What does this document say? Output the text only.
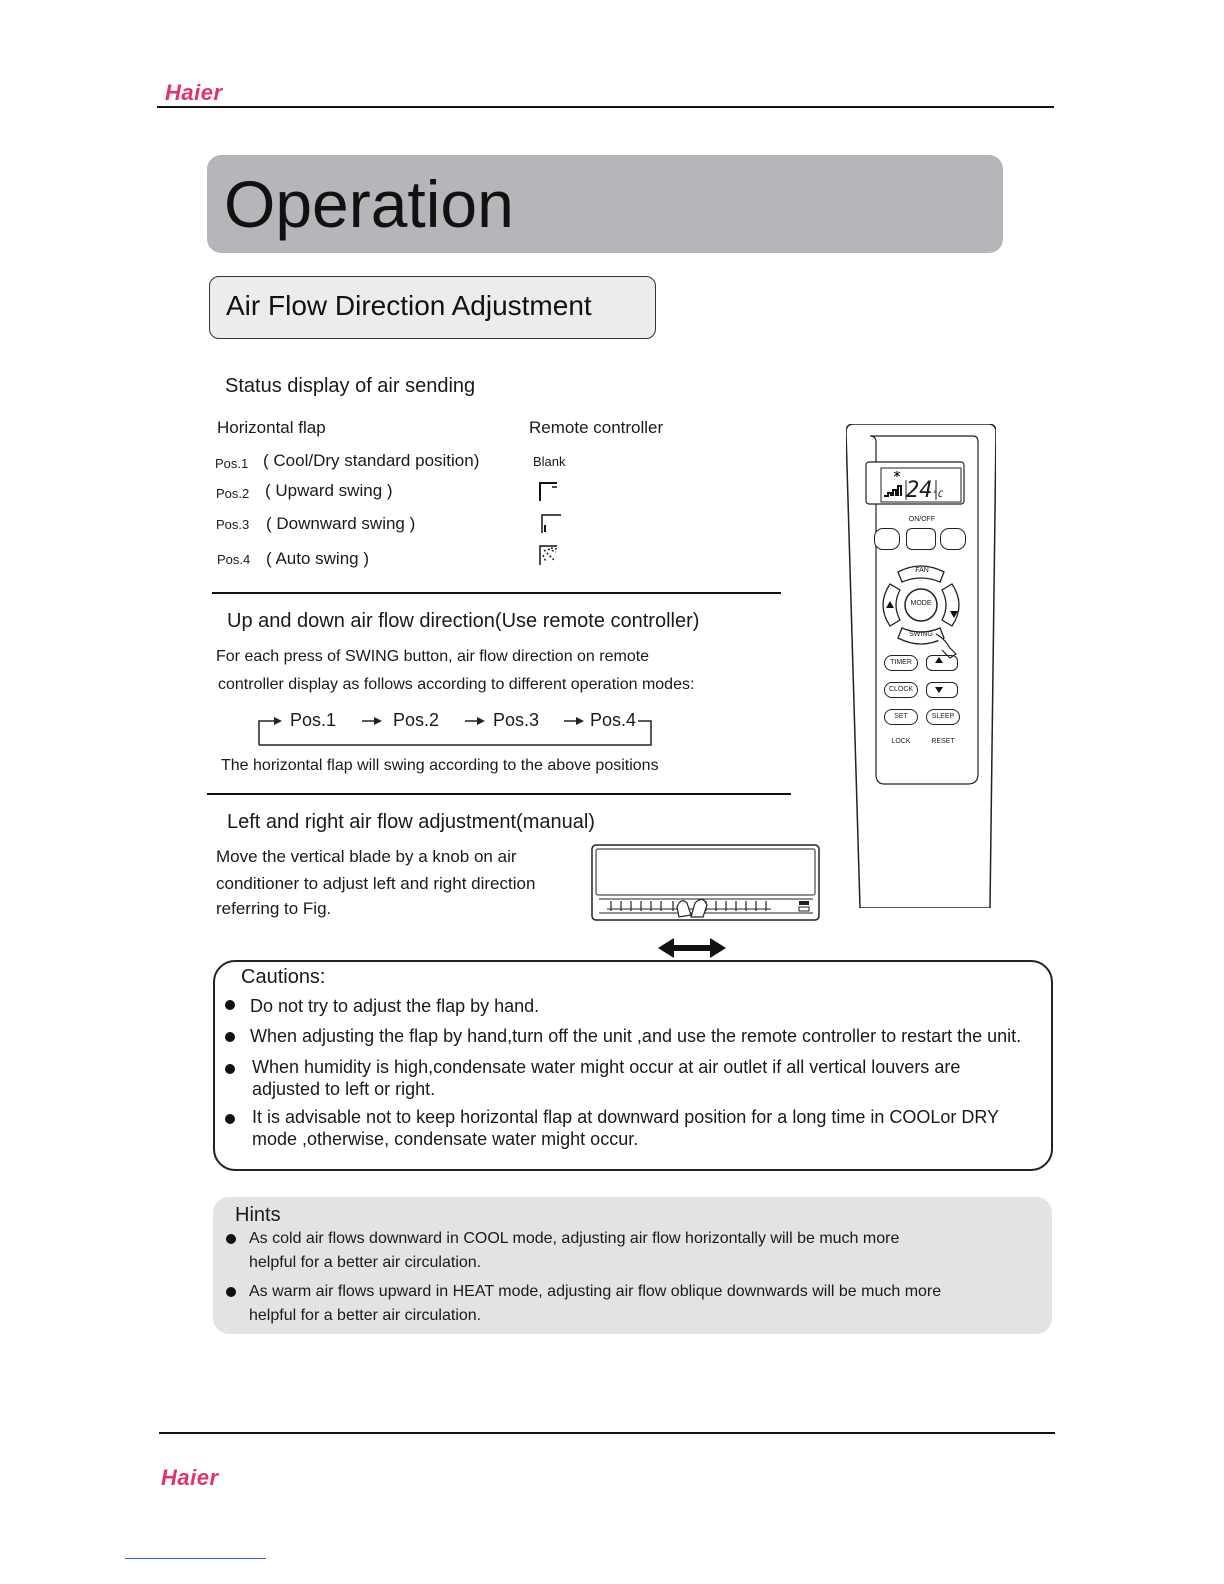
Haier
Operation
Air Flow Direction Adjustment
Status display of air sending
Horizontal flap	Remote controller
Pos.1 ( Cool/Dry standard position)	Blank
Pos.2 ( Upward swing )
Pos.3 ( Downward swing )
Pos.4 ( Auto swing )
Up and down air flow direction(Use remote controller)
For each press of SWING button, air flow direction on remote
controller display as follows according to different operation modes:
Pos.1	Pos.2	Pos.3	Pos.4
The horizontal flap will swing according to the above positions
Left and right air flow adjustment(manual)
Move the vertical blade by a knob on air
conditioner to adjust left and right direction
referring to Fig.
24°C
ON/OFF
FAN
MODE
SWING
TIMER
CLOCK
SET	SLEEP
LOCK	RESET
Cautions:
Do not try to adjust the flap by hand.
When adjusting the flap by hand,turn off the unit ,and use the remote controller to restart the unit.
When humidity is high,condensate water might occur at air outlet if all vertical louvers are
adjusted to left or right.
It is advisable not to keep horizontal flap at downward position for a long time in COOLor DRY
mode ,otherwise, condensate water might occur.
Hints
As cold air flows downward in COOL mode, adjusting air flow horizontally will be much more
helpful for a better air circulation.
As warm air flows upward in HEAT mode, adjusting air flow oblique downwards will be much more
helpful for a better air circulation.
Haier
